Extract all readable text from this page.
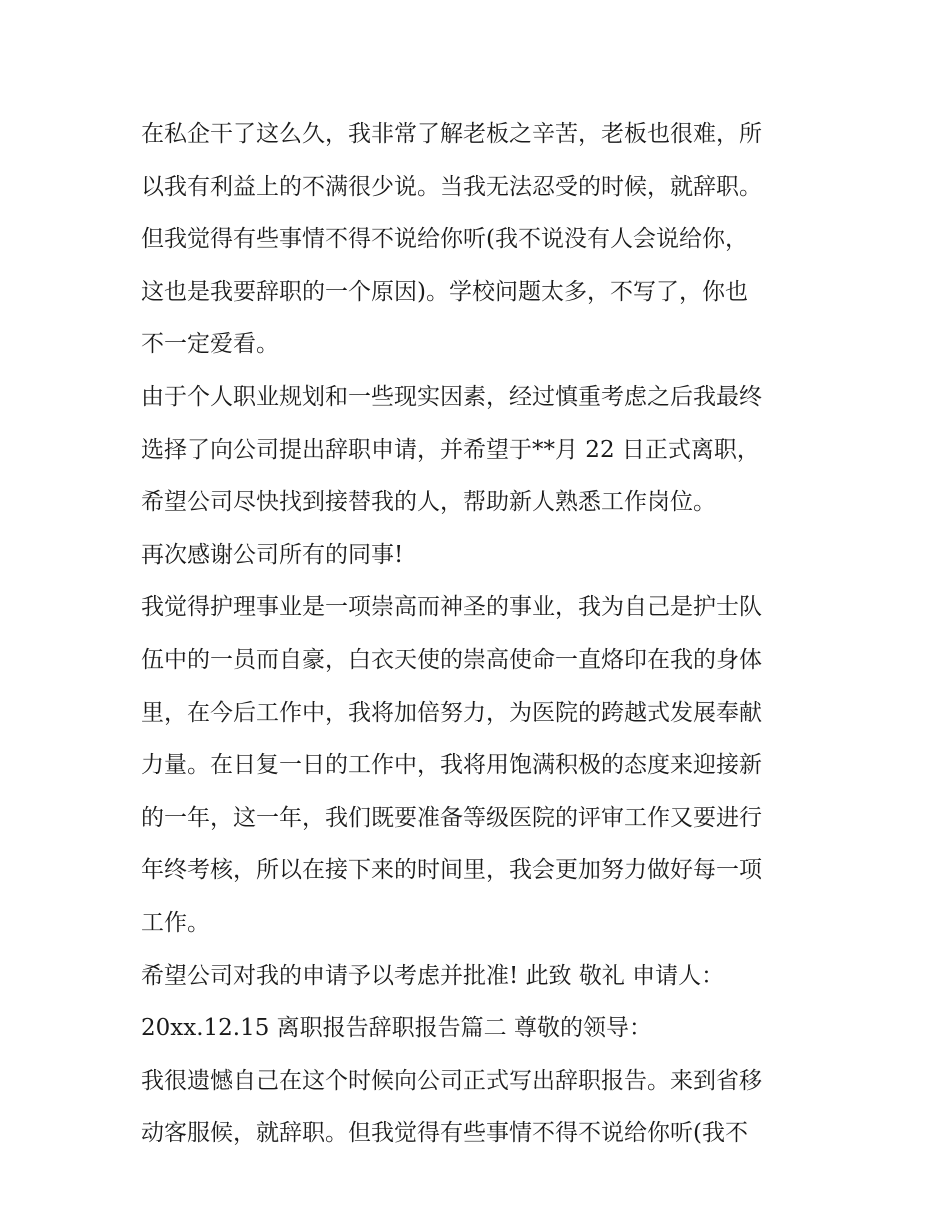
在私企干了这么久，我非常了解老板之辛苦，老板也很难，所
以我有利益上的不满很少说。当我无法忍受的时候，就辞职。
但我觉得有些事情不得不说给你听(我不说没有人会说给你，
这也是我要辞职的一个原因)。学校问题太多，不写了，你也
不一定爱看。
由于个人职业规划和一些现实因素，经过慎重考虑之后我最终
选择了向公司提出辞职申请，并希望于**月 22 日正式离职，
希望公司尽快找到接替我的人，帮助新人熟悉工作岗位。
再次感谢公司所有的同事!
我觉得护理事业是一项崇高而神圣的事业，我为自己是护士队
伍中的一员而自豪，白衣天使的崇高使命一直烙印在我的身体
里，在今后工作中，我将加倍努力，为医院的跨越式发展奉献
力量。在日复一日的工作中，我将用饱满积极的态度来迎接新
的一年，这一年，我们既要准备等级医院的评审工作又要进行
年终考核，所以在接下来的时间里，我会更加努力做好每一项
工作。
希望公司对我的申请予以考虑并批准! 此致 敬礼 申请人：
20xx.12.15 离职报告辞职报告篇二 尊敬的领导：
我很遗憾自己在这个时候向公司正式写出辞职报告。来到省移
动客服候，就辞职。但我觉得有些事情不得不说给你听(我不
